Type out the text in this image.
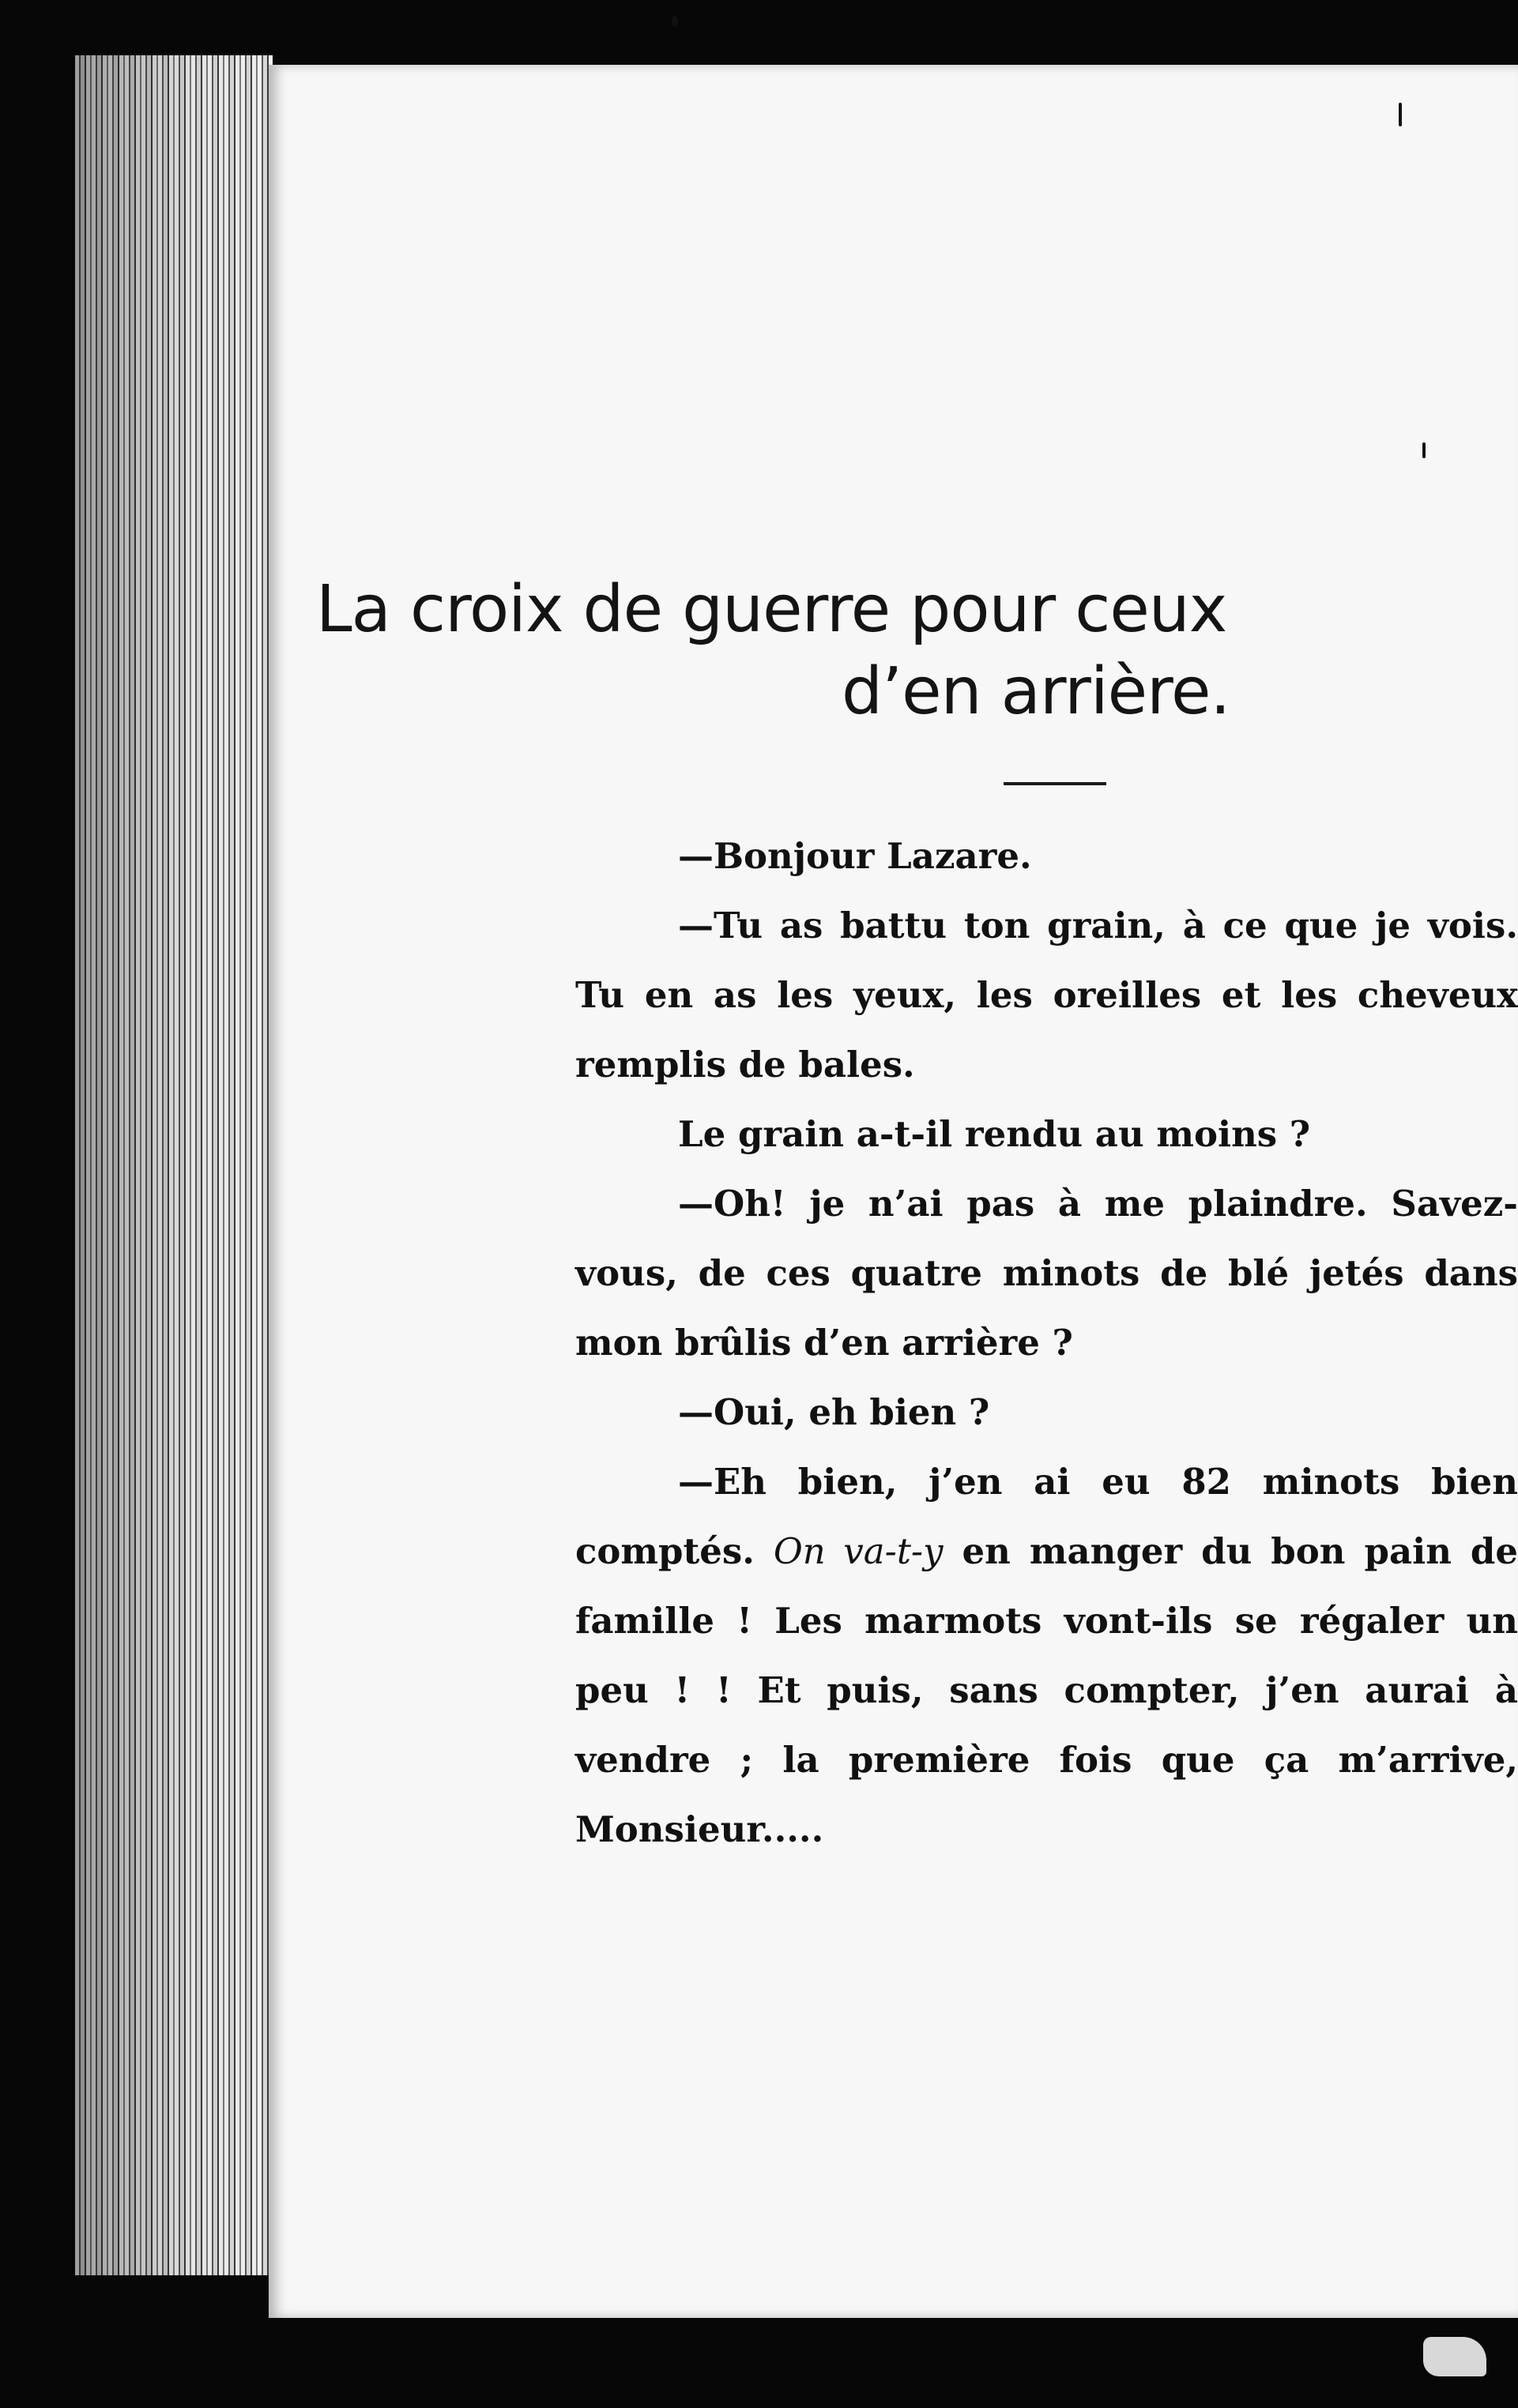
La croix de guerre pour ceux
d’en arrière.

—Bonjour Lazare.

—Tu as battu ton grain, à ce que je vois. Tu en as les yeux, les oreilles et les cheveux remplis de bales.

Le grain a-t-il rendu au moins ?

—Oh! je n’ai pas à me plaindre. Savez-vous, de ces quatre minots de blé jetés dans mon brûlis d’en arrière ?

—Oui, eh bien ?

—Eh bien, j’en ai eu 82 minots bien comptés. On va-t-y en manger du bon pain de famille ! Les marmots vont-ils se régaler un peu ! ! Et puis, sans compter, j’en aurai à vendre ; la première fois que ça m’arrive, Monsieur.....
